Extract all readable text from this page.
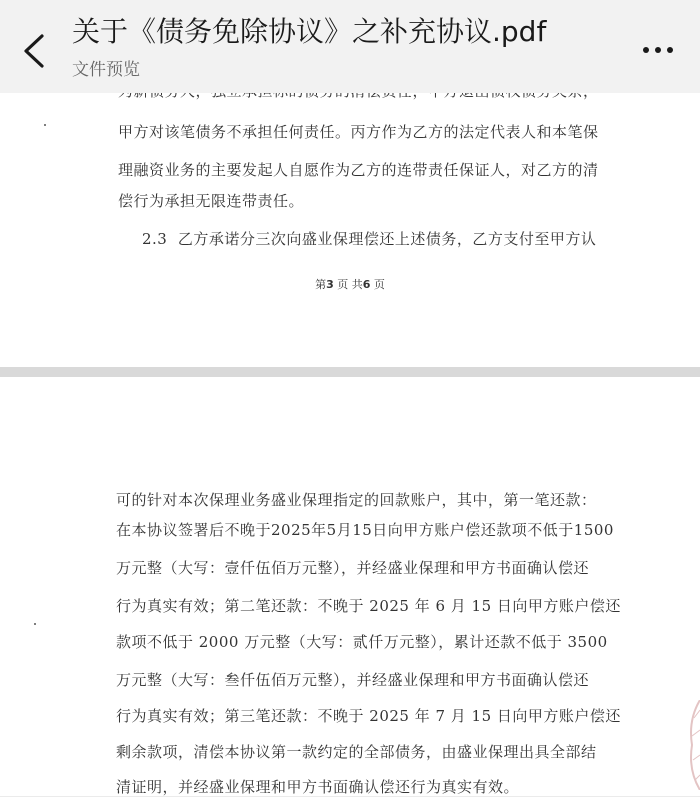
甲方对该笔债务不承担任何责任。丙方作为乙方的法定代表人和本笔保
理融资业务的主要发起人自愿作为乙方的连带责任保证人，对乙方的清
偿行为承担无限连带责任。
2.3  乙方承诺分三次向盛业保理偿还上述债务，乙方支付至甲方认
第3 页 共6 页
可的针对本次保理业务盛业保理指定的回款账户，其中，第一笔还款：
在本协议签署后不晚于2025年5月15日向甲方账户偿还款项不低于1500
万元整（大写：壹仟伍佰万元整），并经盛业保理和甲方书面确认偿还
行为真实有效；第二笔还款：不晚于 2025 年 6 月 15 日向甲方账户偿还
款项不低于 2000 万元整（大写：贰仟万元整），累计还款不低于 3500
万元整（大写：叁仟伍佰万元整），并经盛业保理和甲方书面确认偿还
行为真实有效；第三笔还款：不晚于 2025 年 7 月 15 日向甲方账户偿还
剩余款项，清偿本协议第一款约定的全部债务，由盛业保理出具全部结
清证明，并经盛业保理和甲方书面确认偿还行为真实有效。
关于《债务免除协议》之补充协议.pdf
文件预览
